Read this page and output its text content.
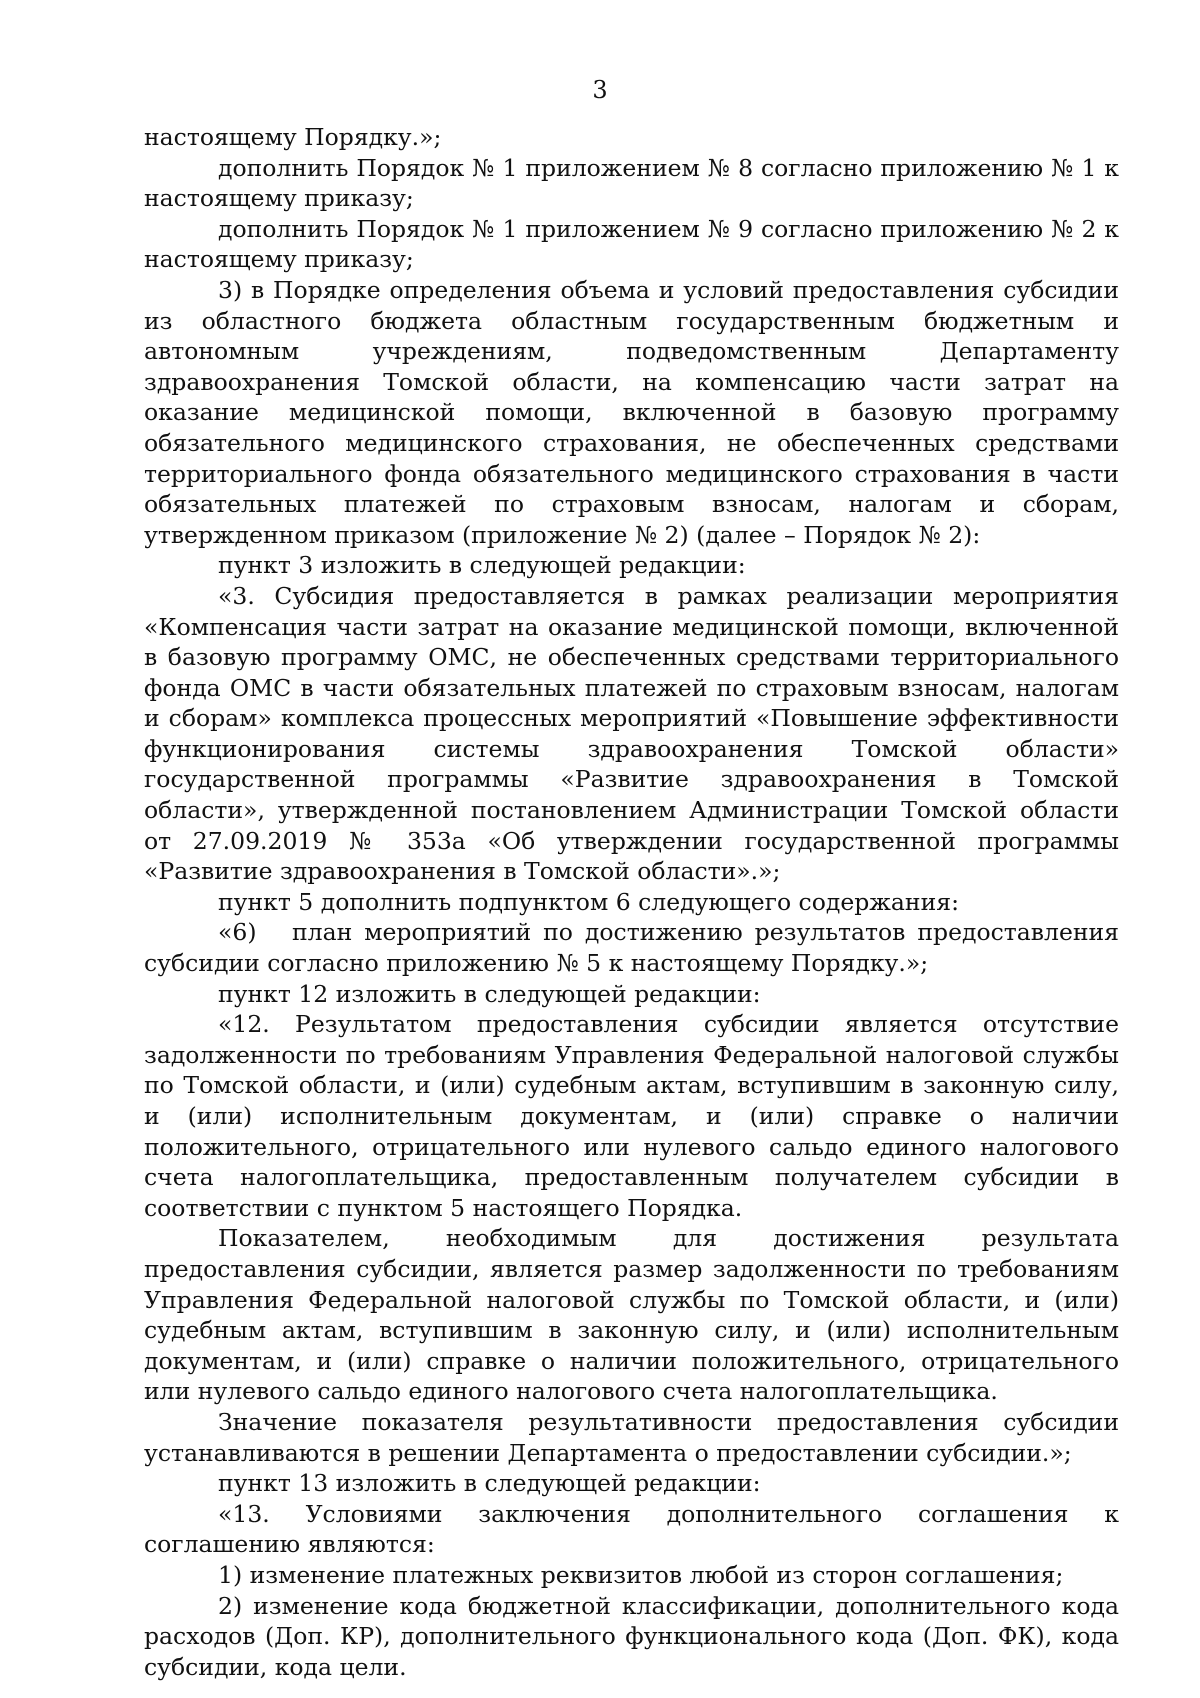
3

настоящему Порядку.»;

дополнить Порядок № 1 приложением № 8 согласно приложению № 1 к настоящему приказу;

дополнить Порядок № 1 приложением № 9 согласно приложению № 2 к настоящему приказу;

3) в Порядке определения объема и условий предоставления субсидии из областного бюджета областным государственным бюджетным и автономным учреждениям, подведомственным Департаменту здравоохранения Томской области, на компенсацию части затрат на оказание медицинской помощи, включенной в базовую программу обязательного медицинского страхования, не обеспеченных средствами территориального фонда обязательного медицинского страхования в части обязательных платежей по страховым взносам, налогам и сборам, утвержденном приказом (приложение № 2) (далее – Порядок № 2):

пункт 3 изложить в следующей редакции:

«3. Субсидия предоставляется в рамках реализации мероприятия «Компенсация части затрат на оказание медицинской помощи, включенной в базовую программу ОМС, не обеспеченных средствами территориального фонда ОМС в части обязательных платежей по страховым взносам, налогам и сборам» комплекса процессных мероприятий «Повышение эффективности функционирования системы здравоохранения Томской области» государственной программы «Развитие здравоохранения в Томской области», утвержденной постановлением Администрации Томской области от 27.09.2019 № 353а «Об утверждении государственной программы «Развитие здравоохранения в Томской области».»;

пункт 5 дополнить подпунктом 6 следующего содержания:

«6)  план мероприятий по достижению результатов предоставления субсидии согласно приложению № 5 к настоящему Порядку.»;

пункт 12 изложить в следующей редакции:

«12. Результатом предоставления субсидии является отсутствие задолженности по требованиям Управления Федеральной налоговой службы по Томской области, и (или) судебным актам, вступившим в законную силу, и (или) исполнительным документам, и (или) справке о наличии положительного, отрицательного или нулевого сальдо единого налогового счета налогоплательщика, предоставленным получателем субсидии в соответствии с пунктом 5 настоящего Порядка.

Показателем, необходимым для достижения результата предоставления субсидии, является размер задолженности по требованиям Управления Федеральной налоговой службы по Томской области, и (или) судебным актам, вступившим в законную силу, и (или) исполнительным документам, и (или) справке о наличии положительного, отрицательного или нулевого сальдо единого налогового счета налогоплательщика.

Значение показателя результативности предоставления субсидии устанавливаются в решении Департамента о предоставлении субсидии.»;

пункт 13 изложить в следующей редакции:

«13. Условиями заключения дополнительного соглашения к соглашению являются:

1) изменение платежных реквизитов любой из сторон соглашения;

2) изменение кода бюджетной классификации, дополнительного кода расходов (Доп. КР), дополнительного функционального кода (Доп. ФК), кода субсидии, кода цели.
